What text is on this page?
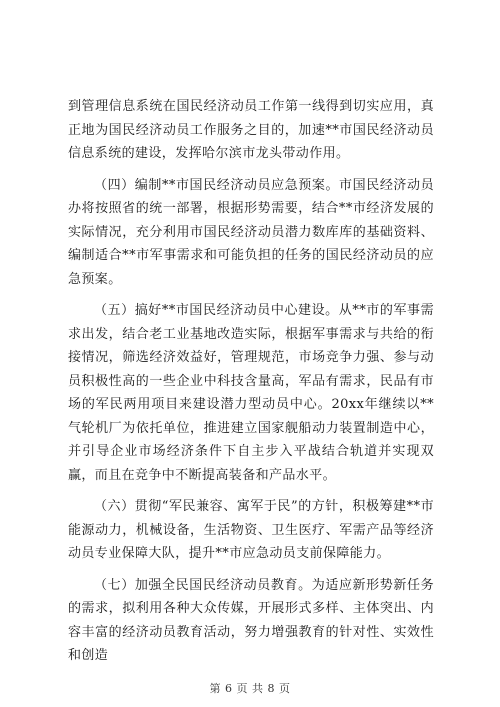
到管理信息系统在国民经济动员工作第一线得到切实应用，真正地为国民经济动员工作服务之目的，加速**市国民经济动员信息系统的建设，发挥哈尔滨市龙头带动作用。

（四）编制**市国民经济动员应急预案。市国民经济动员办将按照省的统一部署，根据形势需要，结合**市经济发展的实际情况，充分利用市国民经济动员潜力数库库的基础资料、编制适合**市军事需求和可能负担的任务的国民经济动员的应急预案。

（五）搞好**市国民经济动员中心建设。从**市的军事需求出发，结合老工业基地改造实际，根据军事需求与共给的衔接情况，筛选经济效益好，管理规范，市场竞争力强、参与动员积极性高的一些企业中科技含量高，军品有需求，民品有市场的军民两用项目来建设潜力型动员中心。20xx年继续以**气轮机厂为依托单位，推进建立国家舰船动力装置制造中心，并引导企业市场经济条件下自主步入平战结合轨道并实现双赢，而且在竞争中不断提高装备和产品水平。

（六）贯彻“军民兼容、寓军于民”的方针，积极筹建**市能源动力，机械设备，生活物资、卫生医疗、军需产品等经济动员专业保障大队，提升**市应急动员支前保障能力。

（七）加强全民国民经济动员教育。为适应新形势新任务的需求，拟利用各种大众传媒，开展形式多样、主体突出、内容丰富的经济动员教育活动，努力增强教育的针对性、实效性和创造

第 6 页 共 8 页
